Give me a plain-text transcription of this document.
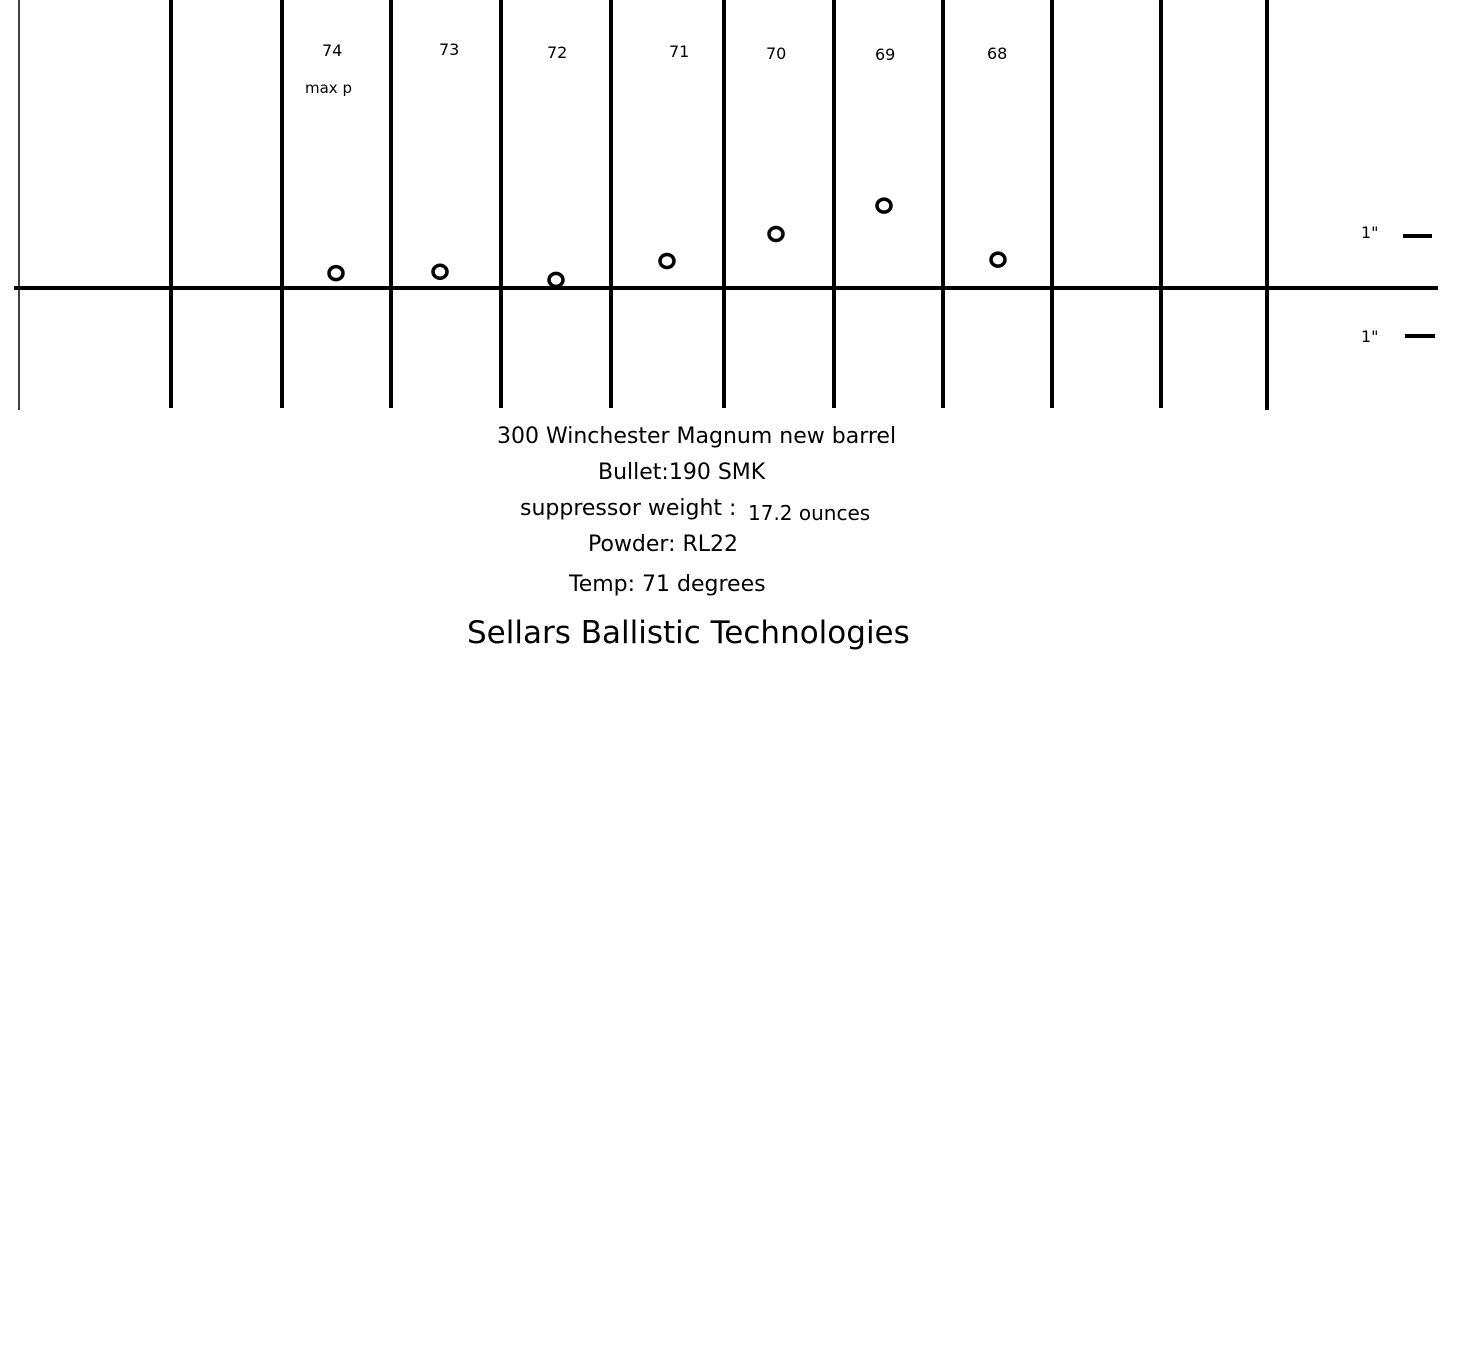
74
max p
73	72	71	70	69	68
1"
1"
300 Winchester Magnum new barrel
Bullet:190 SMK
suppressor weight : 17.2 ounces
Powder: RL22
Temp: 71 degrees
Sellars Ballistic Technologies
